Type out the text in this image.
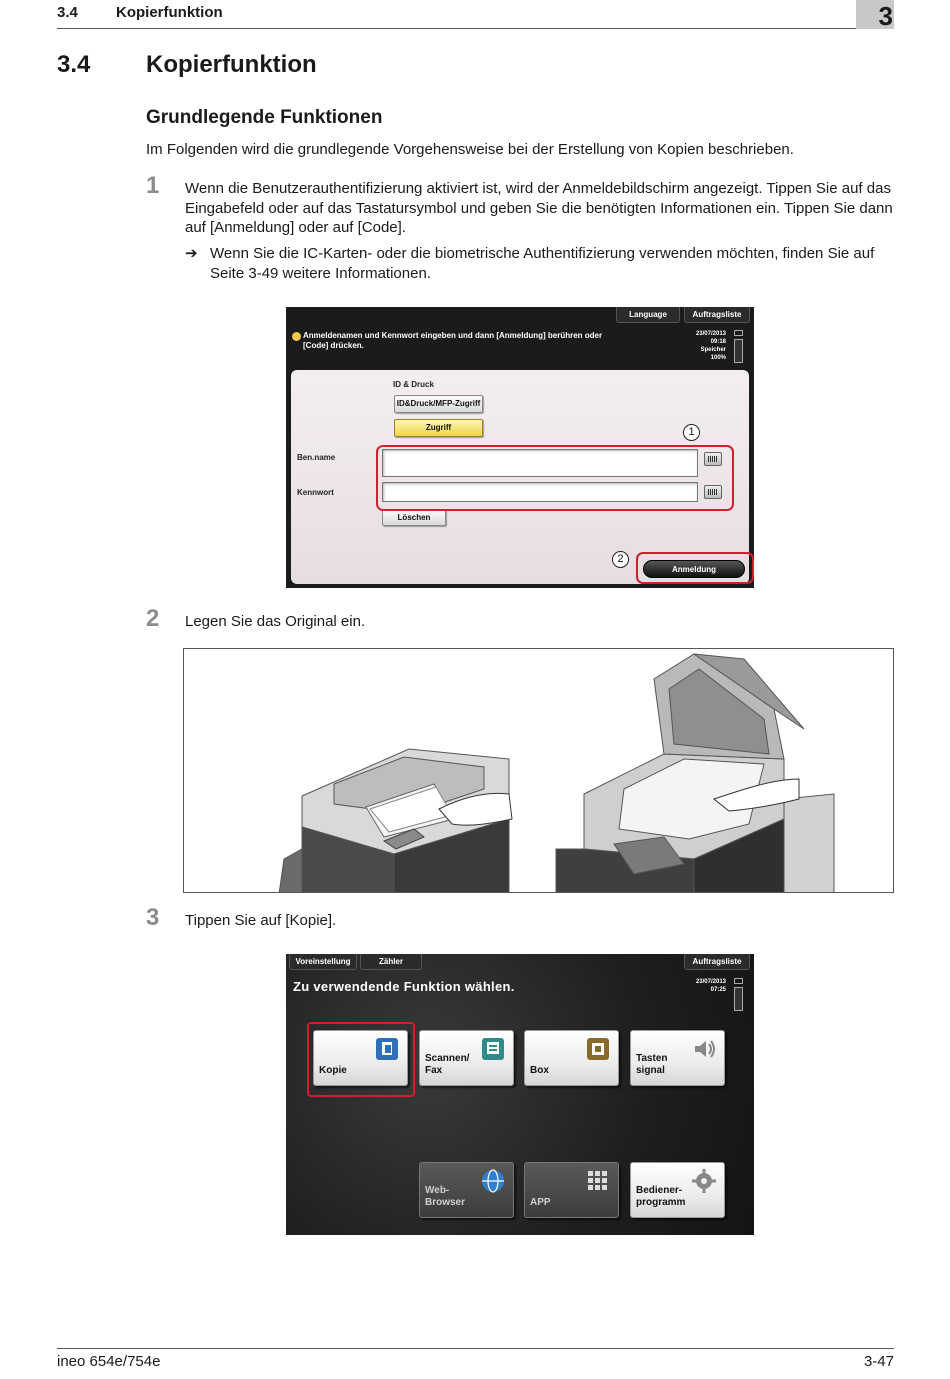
3.4	Kopierfunktion	3
3.4 Kopierfunktion
Grundlegende Funktionen

Im Folgenden wird die grundlegende Vorgehensweise bei der Erstellung von Kopien beschrieben.

1 Wenn die Benutzerauthentifizierung aktiviert ist, wird der Anmeldebildschirm angezeigt. Tippen Sie auf das Eingabefeld oder auf das Tastatursymbol und geben Sie die benötigten Informationen ein. Tippen Sie dann auf [Anmeldung] oder auf [Code].
➔ Wenn Sie die IC-Karten- oder die biometrische Authentifizierung verwenden möchten, finden Sie auf Seite 3-49 weitere Informationen.
Language	Auftragsliste
Anmeldenamen und Kennwort eingeben und dann [Anmeldung] berühren oder [Code] drücken.
23/07/2013
09:18
Speicher
100%
ID & Druck
ID&Druck/MFP-Zugriff
Zugriff
Ben.name
Kennwort
Löschen
Anmeldung
1
2
2 Legen Sie das Original ein.
3 Tippen Sie auf [Kopie].
Voreinstellung	Zähler	Auftragsliste
Zu verwendende Funktion wählen.	23/07/2013
07:25
Kopie
Scannen/
Fax	Box
Tasten
signal
Web-
Browser	APP
Bediener-
programm
ineo 654e/754e	3-47
